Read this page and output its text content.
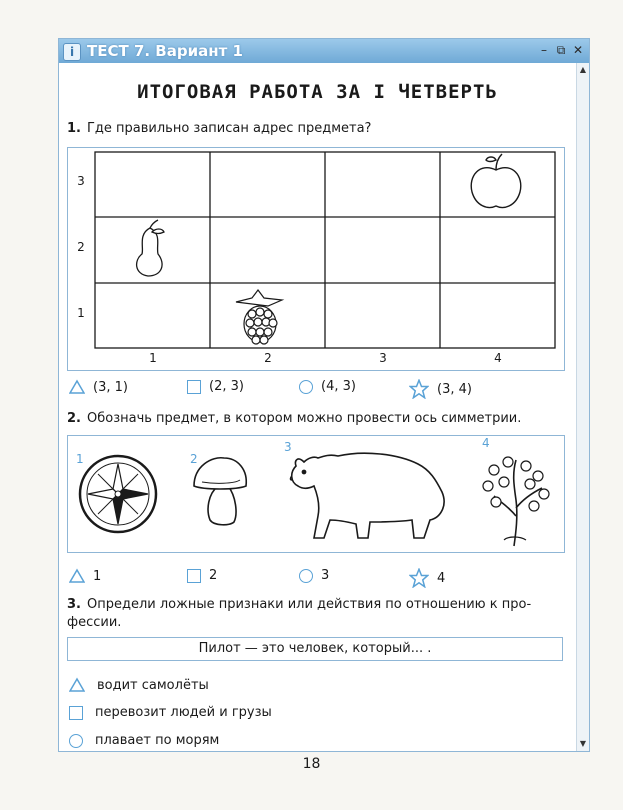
i ТЕСТ 7. Вариант 1	– ⧉ ✕
▲
▼
ИТОГОВАЯ РАБОТА ЗА I ЧЕТВЕРТЬ
1. Где правильно записан адрес предмета?
3
2
1
1	2	3	4
(3, 1)	(2, 3)	(4, 3)	(3, 4)
2. Обозначь предмет, в котором можно провести ось симметрии.
1	2
3	4
1	2	3	4
3. Определи ложные признаки или действия по отношению к про-
фессии.
Пилот — это человек, который... .
водит самолёты
перевозит людей и грузы
плавает по морям
18
